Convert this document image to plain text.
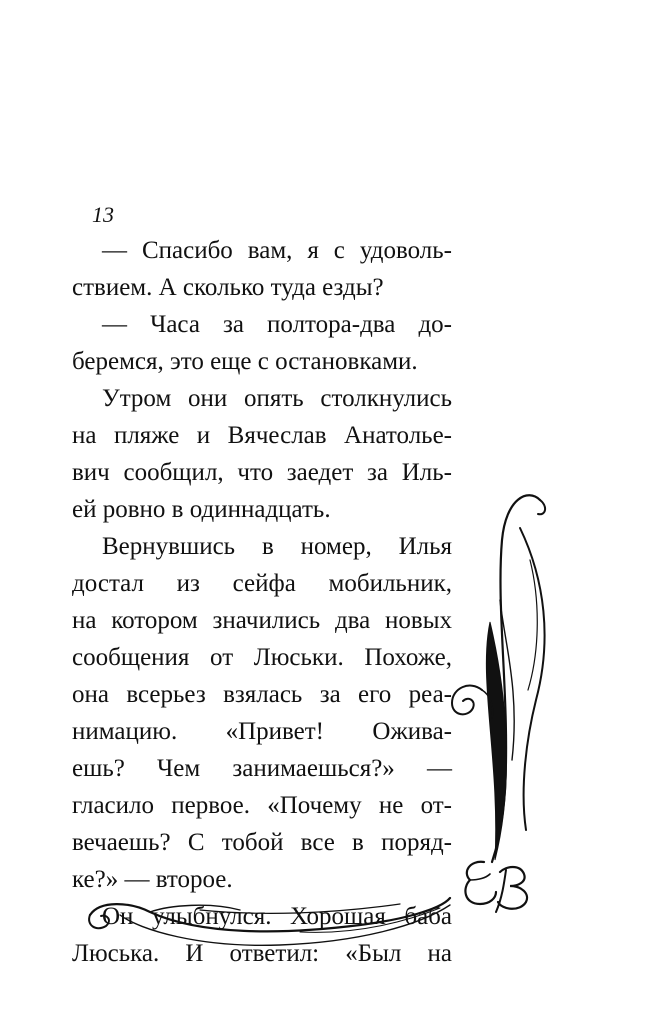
13
— Спасибо вам, я с удоволь-
ствием. А сколько туда езды?
— Часа за полтора-два до-
беремся, это еще с остановками.
Утром они опять столкнулись
на пляже и Вячеслав Анатолье-
вич сообщил, что заедет за Иль-
ей ровно в одиннадцать.
Вернувшись в номер, Илья
достал из сейфа мобильник,
на котором значились два новых
сообщения от Люськи. Похоже,
она всерьез взялась за его реа-
нимацию. «Привет! Ожива-
ешь? Чем занимаешься?» —
гласило первое. «Почему не от-
вечаешь? С тобой все в поряд-
ке?» — второе.
Он улыбнулся. Хорошая баба
Люська. И ответил: «Был на
